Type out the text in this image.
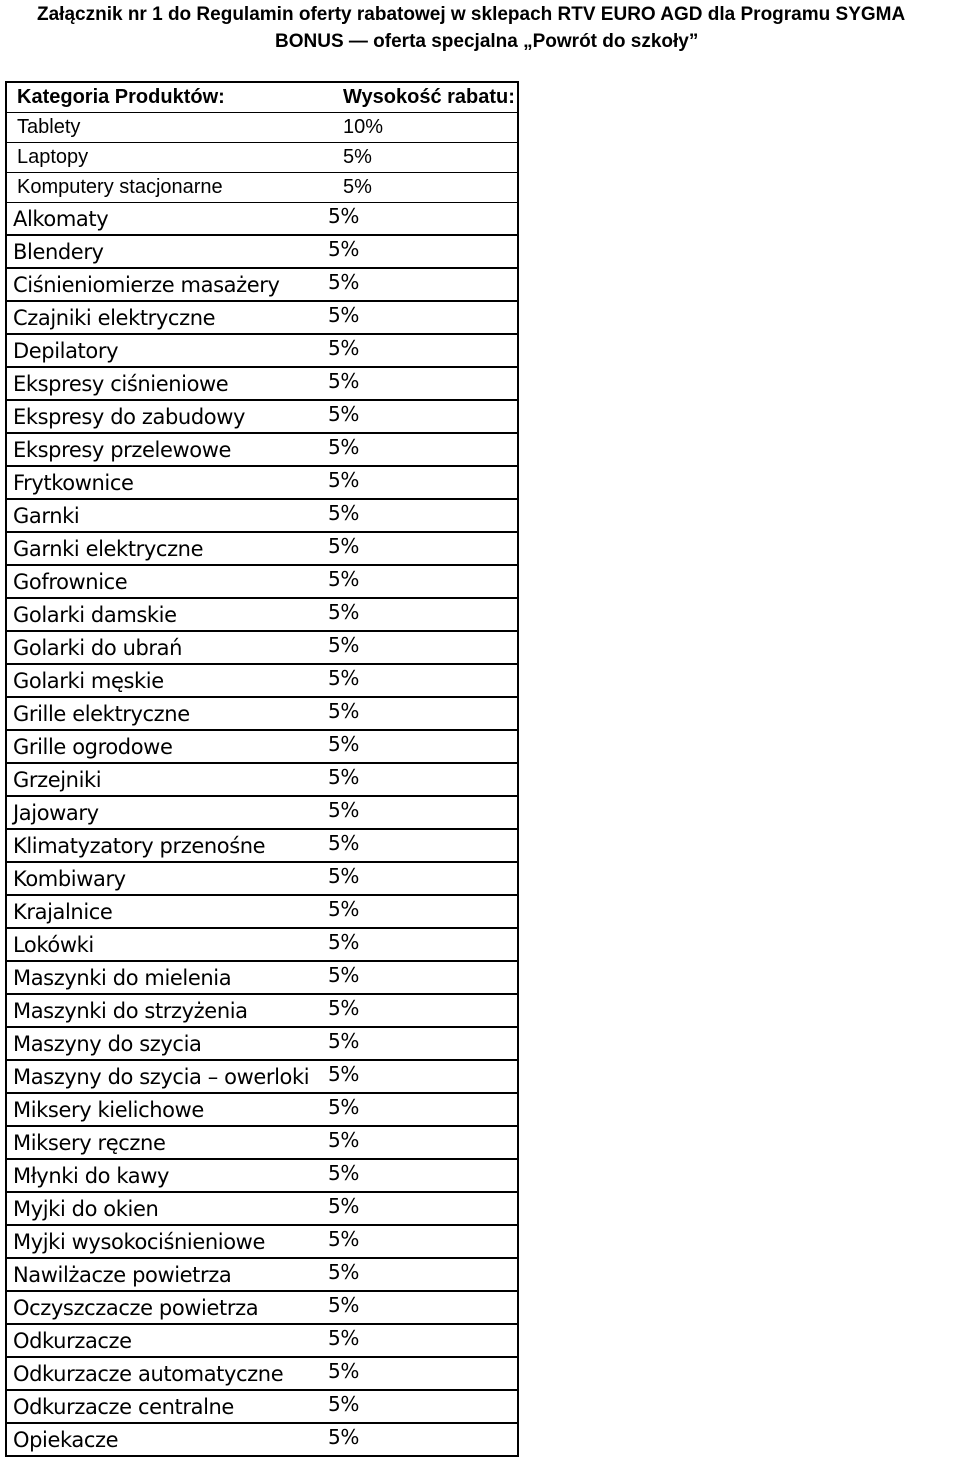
Załącznik nr 1 do Regulamin oferty rabatowej w sklepach RTV EURO AGD dla Programu SYGMA
BONUS — oferta specjalna „Powrót do szkoły”
Kategoria Produktów:	Wysokość rabatu:
Tablety	10%
Laptopy	5%
Komputery stacjonarne	5%
Alkomaty	5%
Blendery	5%
Ciśnieniomierze masażery	5%
Czajniki elektryczne	5%
Depilatory	5%
Ekspresy ciśnieniowe	5%
Ekspresy do zabudowy	5%
Ekspresy przelewowe	5%
Frytkownice	5%
Garnki	5%
Garnki elektryczne	5%
Gofrownice	5%
Golarki damskie	5%
Golarki do ubrań	5%
Golarki męskie	5%
Grille elektryczne	5%
Grille ogrodowe	5%
Grzejniki	5%
Jajowary	5%
Klimatyzatory przenośne	5%
Kombiwary	5%
Krajalnice	5%
Lokówki	5%
Maszynki do mielenia	5%
Maszynki do strzyżenia	5%
Maszyny do szycia	5%
Maszyny do szycia – owerloki 5%
Miksery kielichowe	5%
Miksery ręczne	5%
Młynki do kawy	5%
Myjki do okien	5%
Myjki wysokociśnieniowe	5%
Nawilżacze powietrza	5%
Oczyszczacze powietrza	5%
Odkurzacze	5%
Odkurzacze automatyczne	5%
Odkurzacze centralne	5%
Opiekacze	5%
